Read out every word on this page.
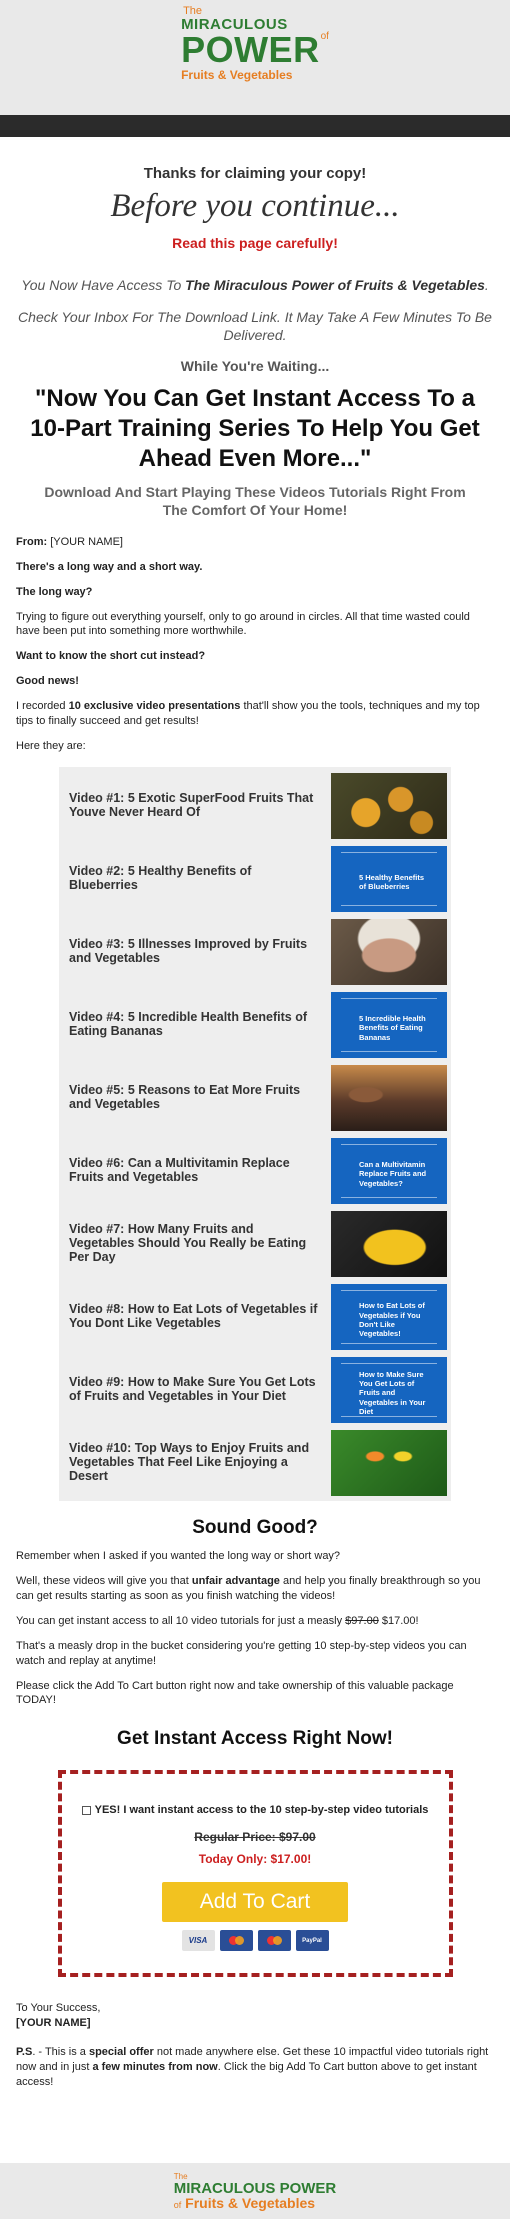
The
MIRACULOUS
$POWER^{of}$
Fruits & Vegetables
Thanks for claiming your copy!
Before you continue...
Read this page carefully!
You Now Have Access To The Miraculous Power of Fruits & Vegetables.
Check Your Inbox For The Download Link. It May Take A Few Minutes To Be Delivered.
While You're Waiting...
"Now You Can Get Instant Access To a 10-Part Training Series To Help You Get Ahead Even More..."
Download And Start Playing These Videos Tutorials Right From The Comfort Of Your Home!

From: [YOUR NAME]

There's a long way and a short way.

The long way?

Trying to figure out everything yourself, only to go around in circles. All that time wasted could have been put into something more worthwhile.

Want to know the short cut instead?

Good news!

I recorded 10 exclusive video presentations that'll show you the tools, techniques and my top tips to finally succeed and get results!

Here they are:

Video #1: 5 Exotic SuperFood Fruits That Youve Never Heard Of
Video #2: 5 Healthy Benefits of Blueberries
5 Healthy Benefits of Blueberries
Video #3: 5 Illnesses Improved by Fruits and Vegetables
Video #4: 5 Incredible Health Benefits of Eating Bananas
5 Incredible Health Benefits of Eating Bananas
Video #5: 5 Reasons to Eat More Fruits and Vegetables
Video #6: Can a Multivitamin Replace Fruits and Vegetables
Can a Multivitamin Replace Fruits and Vegetables?
Video #7: How Many Fruits and Vegetables Should You Really be Eating Per Day
Video #8: How to Eat Lots of Vegetables if You Dont Like Vegetables
How to Eat Lots of Vegetables if You Don't Like Vegetables!
Video #9: How to Make Sure You Get Lots of Fruits and Vegetables in Your Diet
How to Make Sure You Get Lots of Fruits and Vegetables in Your Diet
Video #10: Top Ways to Enjoy Fruits and Vegetables That Feel Like Enjoying a Desert
Sound Good?

Remember when I asked if you wanted the long way or short way?

Well, these videos will give you that unfair advantage and help you finally breakthrough so you can get results starting as soon as you finish watching the videos!

You can get instant access to all 10 video tutorials for just a measly $97.00 $17.00!

That's a measly drop in the bucket considering you're getting 10 step-by-step videos you can watch and replay at anytime!

Please click the Add To Cart button right now and take ownership of this valuable package TODAY!

Get Instant Access Right Now!
YES! I want instant access to the 10 step-by-step video tutorials
Regular Price: $97.00
Today Only: $17.00!
Add To Cart
VISA	PayPal
To Your Success,
[YOUR NAME]
P.S. - This is a special offer not made anywhere else. Get these 10 impactful video tutorials right now and in just a few minutes from now. Click the big Add To Cart button above to get instant access!
The
MIRACULOUS POWER
of Fruits & Vegetables
